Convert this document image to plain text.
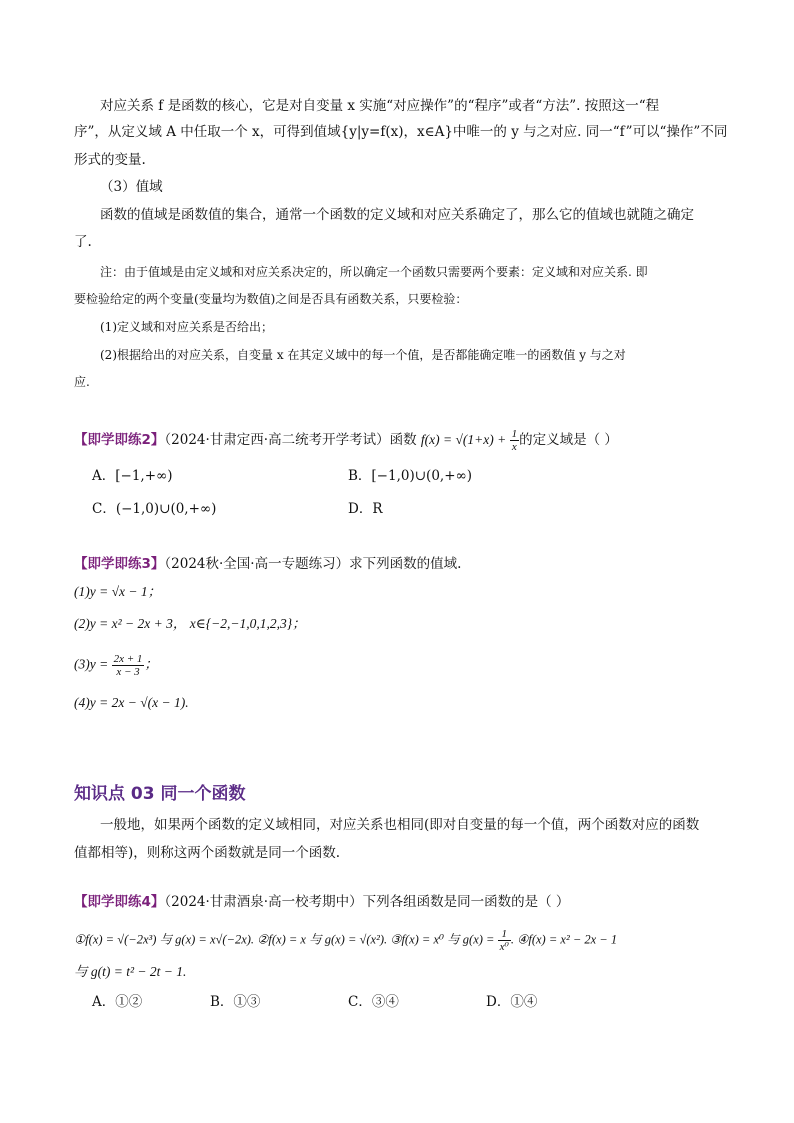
对应关系 f 是函数的核心，它是对自变量 x 实施“对应操作”的“程序”或者“方法”. 按照这一“程
序”，从定义域 A 中任取一个 x，可得到值域{y|y=f(x)，x∈A}中唯一的 y 与之对应. 同一“f”可以“操作”不同
形式的变量.
（3）值域
函数的值域是函数值的集合，通常一个函数的定义域和对应关系确定了，那么它的值域也就随之确定
了.
注：由于值域是由定义域和对应关系决定的，所以确定一个函数只需要两个要素：定义域和对应关系. 即
要检验给定的两个变量(变量均为数值)之间是否具有函数关系，只要检验：
(1)定义域和对应关系是否给出；
(2)根据给出的对应关系，自变量 x 在其定义域中的每一个值，是否都能确定唯一的函数值 y 与之对
应.
【即学即练2】（2024·甘肃定西·高二统考开学考试）函数 $f(x) = √(1+x) + \frac{1}{x}$ 的定义域是（ ）
A．[−1,+∞)	B．[−1,0)∪(0,+∞)
C．(−1,0)∪(0,+∞)	D．R
【即学即练3】（2024秋·全国·高一专题练习）求下列函数的值域.
(1)y = √x − 1；
(2)y = x² − 2x + 3， x∈{−2,−1,0,1,2,3}；
$(3)y = \frac{2x + 1}{x - 3}$ ；
(4)y = 2x − √(x − 1).
知识点 03 同一个函数
一般地，如果两个函数的定义域相同，对应关系也相同(即对自变量的每一个值，两个函数对应的函数
值都相等)，则称这两个函数就是同一个函数.
【即学即练4】（2024·甘肃酒泉·高一校考期中）下列各组函数是同一函数的是（ ）
①f(x) = √(−2x³) 与 g(x) = x√(−2x). ②f(x) = x 与 g(x) = √(x²). ③f(x) = x⁰ 与 $g(x) = \frac{1}{\text{x⁰}}$ . ④f(x) = x² − 2x − 1
与 g(t) = t² − 2t − 1.
A．①②	B．①③	C．③④	D．①④
